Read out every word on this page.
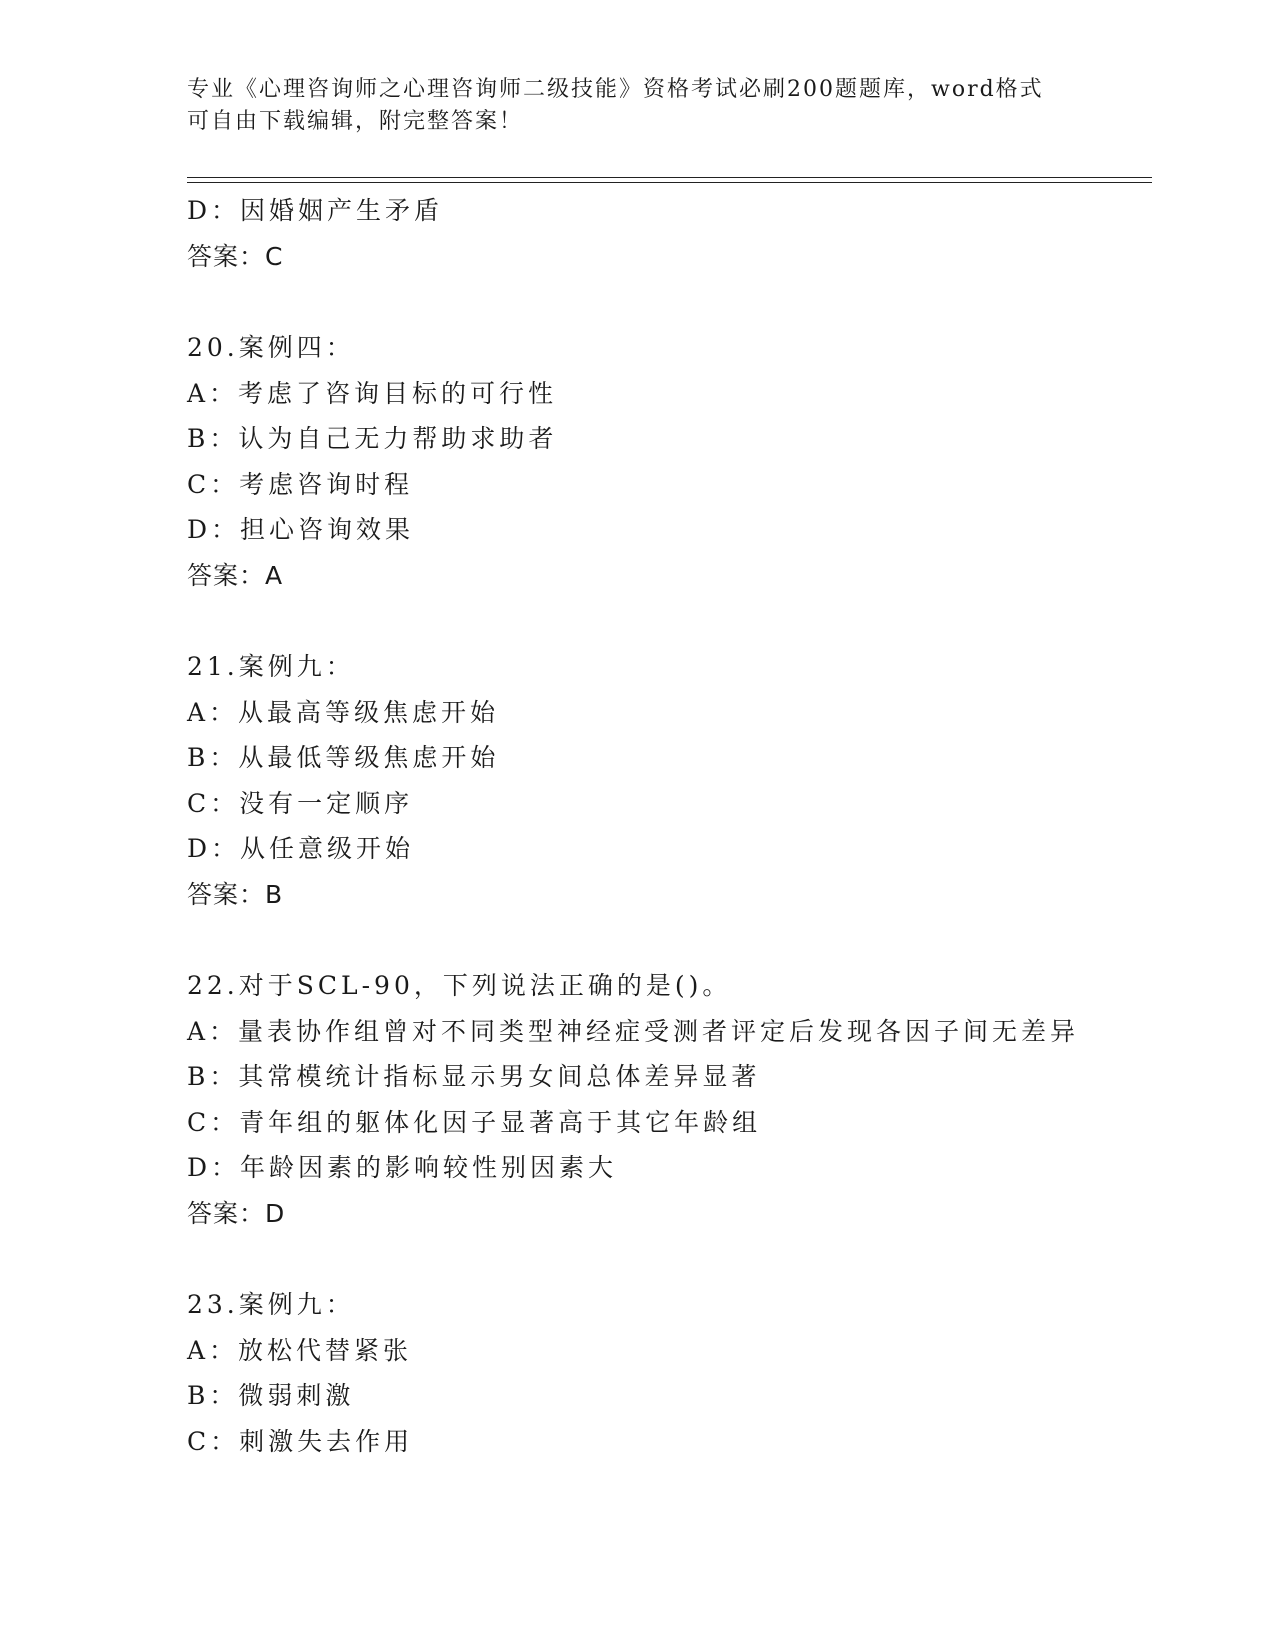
专业《心理咨询师之心理咨询师二级技能》资格考试必刷200题题库，word格式
可自由下载编辑，附完整答案！
D：因婚姻产生矛盾
答案：C
20.案例四：
A：考虑了咨询目标的可行性
B：认为自己无力帮助求助者
C：考虑咨询时程
D：担心咨询效果
答案：A
21.案例九：
A：从最高等级焦虑开始
B：从最低等级焦虑开始
C：没有一定顺序
D：从任意级开始
答案：B
22.对于SCL-90，下列说法正确的是()。
A：量表协作组曾对不同类型神经症受测者评定后发现各因子间无差异
B：其常模统计指标显示男女间总体差异显著
C：青年组的躯体化因子显著高于其它年龄组
D：年龄因素的影响较性别因素大
答案：D
23.案例九：
A：放松代替紧张
B：微弱刺激
C：刺激失去作用
